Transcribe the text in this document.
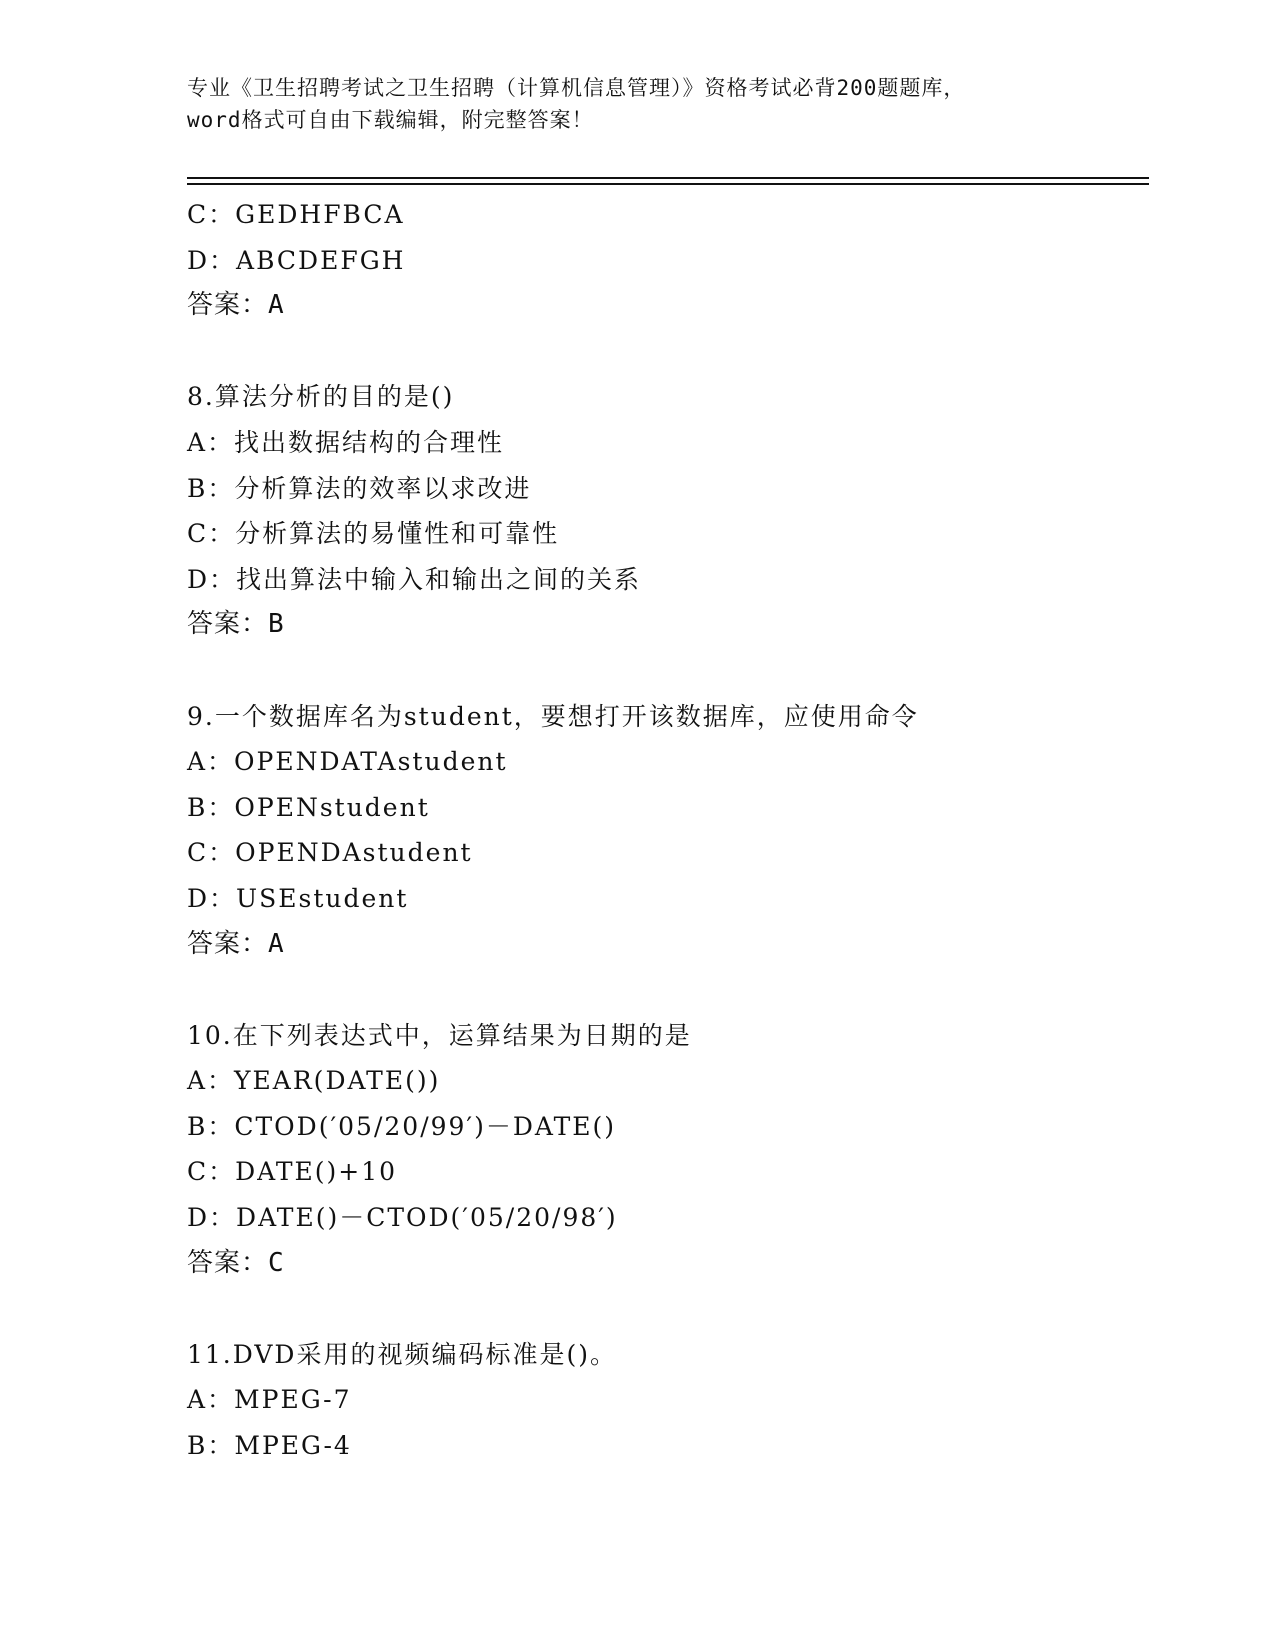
专业《卫生招聘考试之卫生招聘（计算机信息管理）》资格考试必背200题题库，
word格式可自由下载编辑，附完整答案！
C：GEDHFBCA
D：ABCDEFGH
答案：A
8.算法分析的目的是()
A：找出数据结构的合理性
B：分析算法的效率以求改进
C：分析算法的易懂性和可靠性
D：找出算法中输入和输出之间的关系
答案：B
9.一个数据库名为student，要想打开该数据库，应使用命令
A：OPENDATAstudent
B：OPENstudent
C：OPENDAstudent
D：USEstudent
答案：A
10.在下列表达式中，运算结果为日期的是
A：YEAR(DATE())
B：CTOD(′05/20/99′)－DATE()
C：DATE()+10
D：DATE()－CTOD(′05/20/98′)
答案：C
11.DVD采用的视频编码标准是()。
A：MPEG-7
B：MPEG-4
